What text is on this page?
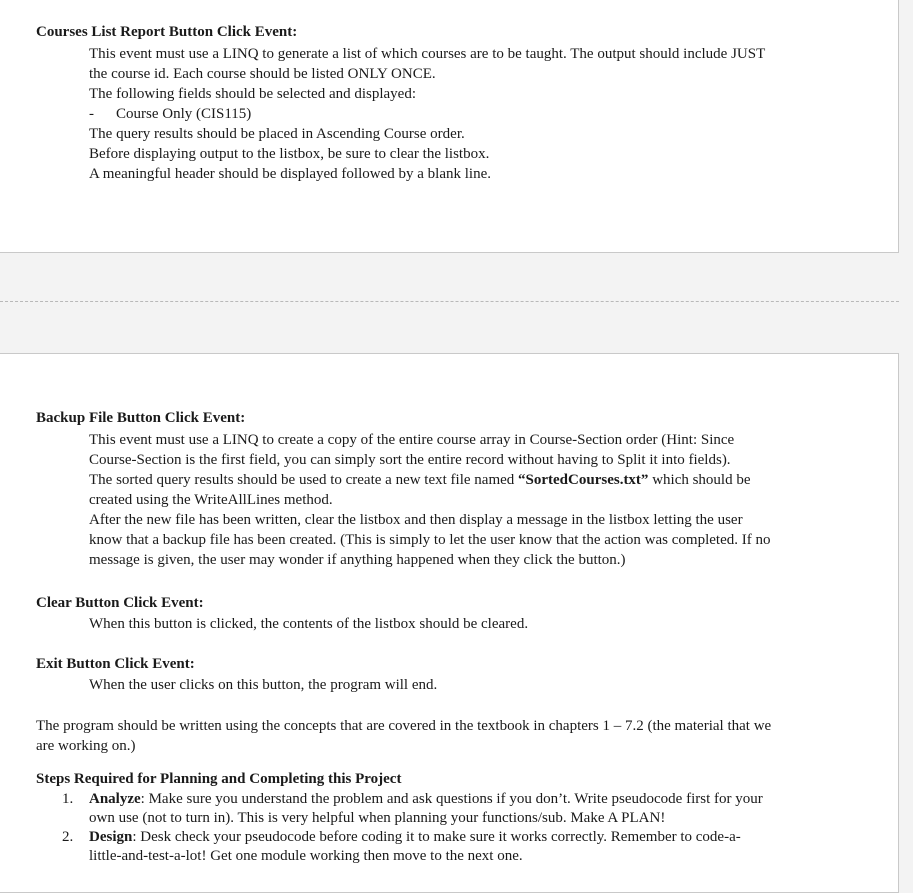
Courses List Report Button Click Event:
This event must use a LINQ to generate a list of which courses are to be taught. The output should include JUST
the course id. Each course should be listed ONLY ONCE.
The following fields should be selected and displayed:
- Course Only (CIS115)
The query results should be placed in Ascending Course order.
Before displaying output to the listbox, be sure to clear the listbox.
A meaningful header should be displayed followed by a blank line.
Backup File Button Click Event:
This event must use a LINQ to create a copy of the entire course array in Course-Section order (Hint: Since
Course-Section is the first field, you can simply sort the entire record without having to Split it into fields).
The sorted query results should be used to create a new text file named “SortedCourses.txt” which should be
created using the WriteAllLines method.
After the new file has been written, clear the listbox and then display a message in the listbox letting the user
know that a backup file has been created. (This is simply to let the user know that the action was completed. If no
message is given, the user may wonder if anything happened when they click the button.)
Clear Button Click Event:
When this button is clicked, the contents of the listbox should be cleared.
Exit Button Click Event:
When the user clicks on this button, the program will end.
The program should be written using the concepts that are covered in the textbook in chapters 1 – 7.2 (the material that we
are working on.)
Steps Required for Planning and Completing this Project
1. Analyze: Make sure you understand the problem and ask questions if you don’t. Write pseudocode first for your
own use (not to turn in). This is very helpful when planning your functions/sub. Make A PLAN!
2. Design: Desk check your pseudocode before coding it to make sure it works correctly. Remember to code-a-
little-and-test-a-lot! Get one module working then move to the next one.
